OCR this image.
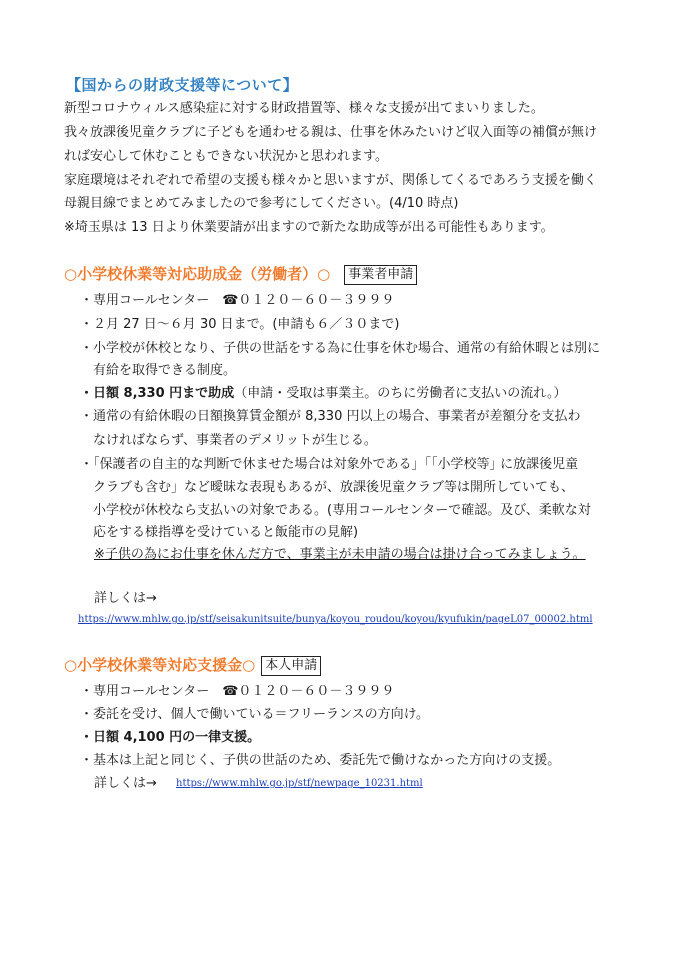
【国からの財政支援等について】
新型コロナウィルス感染症に対する財政措置等、様々な支援が出てまいりました。
我々放課後児童クラブに子どもを通わせる親は、仕事を休みたいけど収入面等の補償が無け
れば安心して休むこともできない状況かと思われます。
家庭環境はそれぞれで希望の支援も様々かと思いますが、関係してくるであろう支援を働く
母親目線でまとめてみましたので参考にしてください。(4/10 時点)
※埼玉県は 13 日より休業要請が出ますので新たな助成等が出る可能性もあります。
○小学校休業等対応助成金（労働者）○ 事業者申請
・専用コールセンター　☎０１２０－６０－３９９９
・２月 27 日～６月 30 日まで。(申請も６／３０まで)
・小学校が休校となり、子供の世話をする為に仕事を休む場合、通常の有給休暇とは別に
　有給を取得できる制度。
・日額 8,330 円まで助成（申請・受取は事業主。のちに労働者に支払いの流れ。）
・通常の有給休暇の日額換算賃金額が 8,330 円以上の場合、事業者が差額分を支払わ
　なければならず、事業者のデメリットが生じる。
・「保護者の自主的な判断で休ませた場合は対象外である」「｢小学校等｣ に放課後児童
　クラブも含む」など曖昧な表現もあるが、放課後児童クラブ等は開所していても、
　小学校が休校なら支払いの対象である。(専用コールセンターで確認。及び、柔軟な対
　応をする様指導を受けていると飯能市の見解)
※子供の為にお仕事を休んだ方で、事業主が未申請の場合は掛け合ってみましょう。
詳しくは→
https://www.mhlw.go.jp/stf/seisakunitsuite/bunya/koyou_roudou/koyou/kyufukin/pageL07_00002.html
○小学校休業等対応支援金○ 本人申請
・専用コールセンター　☎０１２０－６０－３９９９
・委託を受け、個人で働いている＝フリーランスの方向け。
・日額 4,100 円の一律支援。
・基本は上記と同じく、子供の世話のため、委託先で働けなかった方向けの支援。
詳しくは→ https://www.mhlw.go.jp/stf/newpage_10231.html
